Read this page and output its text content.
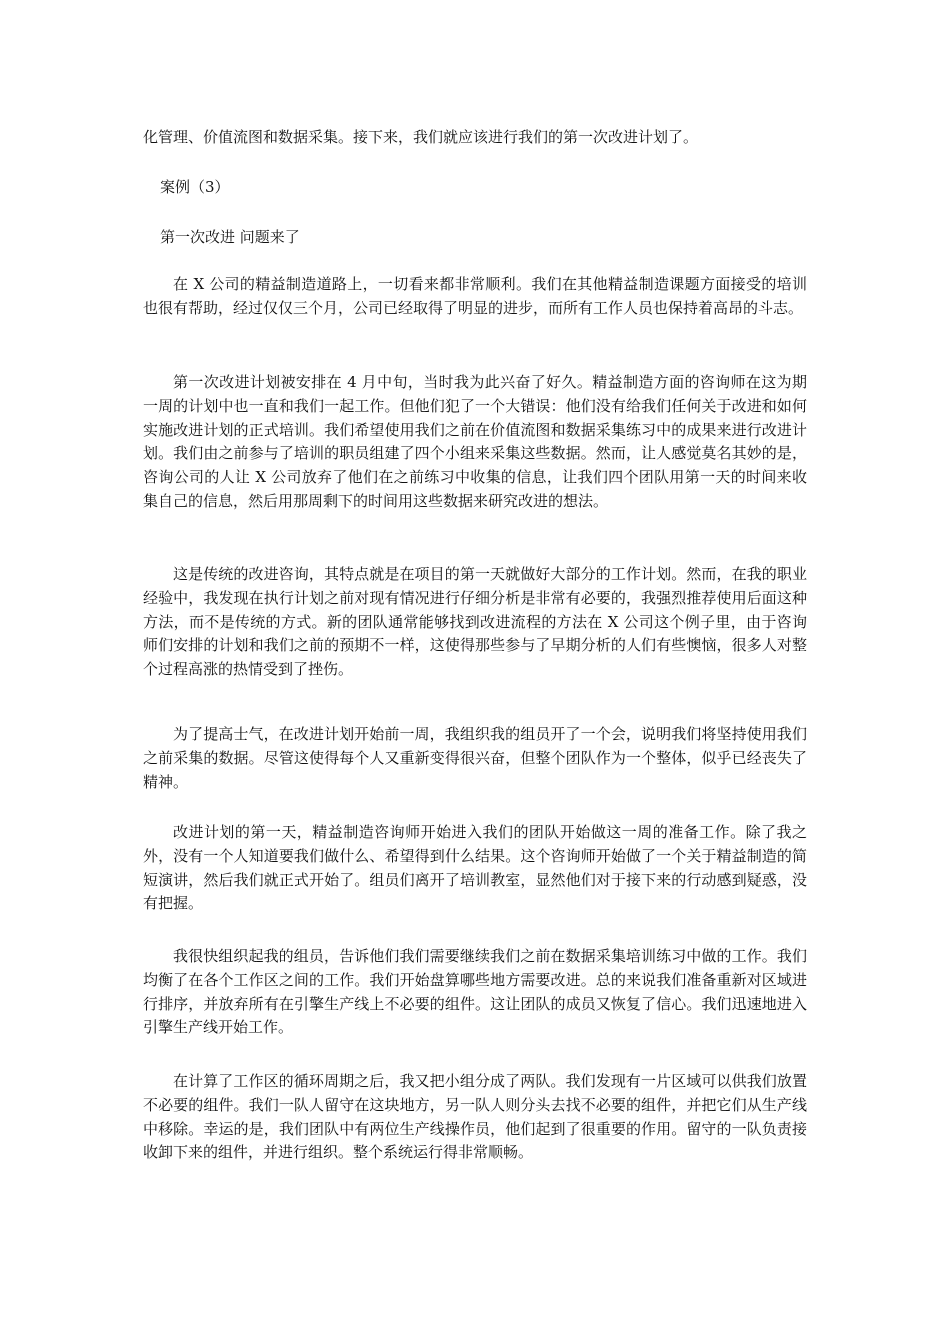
化管理、价值流图和数据采集。接下来，我们就应该进行我们的第一次改进计划了。
案例（3）
第一次改进 问题来了

在 X 公司的精益制造道路上，一切看来都非常顺利。我们在其他精益制造课题方面接受的培训也很有帮助，经过仅仅三个月，公司已经取得了明显的进步，而所有工作人员也保持着高昂的斗志。

第一次改进计划被安排在 4 月中旬，当时我为此兴奋了好久。精益制造方面的咨询师在这为期一周的计划中也一直和我们一起工作。但他们犯了一个大错误：他们没有给我们任何关于改进和如何实施改进计划的正式培训。我们希望使用我们之前在价值流图和数据采集练习中的成果来进行改进计划。我们由之前参与了培训的职员组建了四个小组来采集这些数据。然而，让人感觉莫名其妙的是，咨询公司的人让 X 公司放弃了他们在之前练习中收集的信息，让我们四个团队用第一天的时间来收集自己的信息，然后用那周剩下的时间用这些数据来研究改进的想法。

这是传统的改进咨询，其特点就是在项目的第一天就做好大部分的工作计划。然而，在我的职业经验中，我发现在执行计划之前对现有情况进行仔细分析是非常有必要的，我强烈推荐使用后面这种方法，而不是传统的方式。新的团队通常能够找到改进流程的方法在 X 公司这个例子里，由于咨询师们安排的计划和我们之前的预期不一样，这使得那些参与了早期分析的人们有些懊恼，很多人对整个过程高涨的热情受到了挫伤。

为了提高士气，在改进计划开始前一周，我组织我的组员开了一个会，说明我们将坚持使用我们之前采集的数据。尽管这使得每个人又重新变得很兴奋，但整个团队作为一个整体，似乎已经丧失了精神。

改进计划的第一天，精益制造咨询师开始进入我们的团队开始做这一周的准备工作。除了我之外，没有一个人知道要我们做什么、希望得到什么结果。这个咨询师开始做了一个关于精益制造的简短演讲，然后我们就正式开始了。组员们离开了培训教室，显然他们对于接下来的行动感到疑惑，没有把握。

我很快组织起我的组员，告诉他们我们需要继续我们之前在数据采集培训练习中做的工作。我们均衡了在各个工作区之间的工作。我们开始盘算哪些地方需要改进。总的来说我们准备重新对区域进行排序，并放弃所有在引擎生产线上不必要的组件。这让团队的成员又恢复了信心。我们迅速地进入引擎生产线开始工作。

在计算了工作区的循环周期之后，我又把小组分成了两队。我们发现有一片区域可以供我们放置不必要的组件。我们一队人留守在这块地方，另一队人则分头去找不必要的组件，并把它们从生产线中移除。幸运的是，我们团队中有两位生产线操作员，他们起到了很重要的作用。留守的一队负责接收卸下来的组件，并进行组织。整个系统运行得非常顺畅。
